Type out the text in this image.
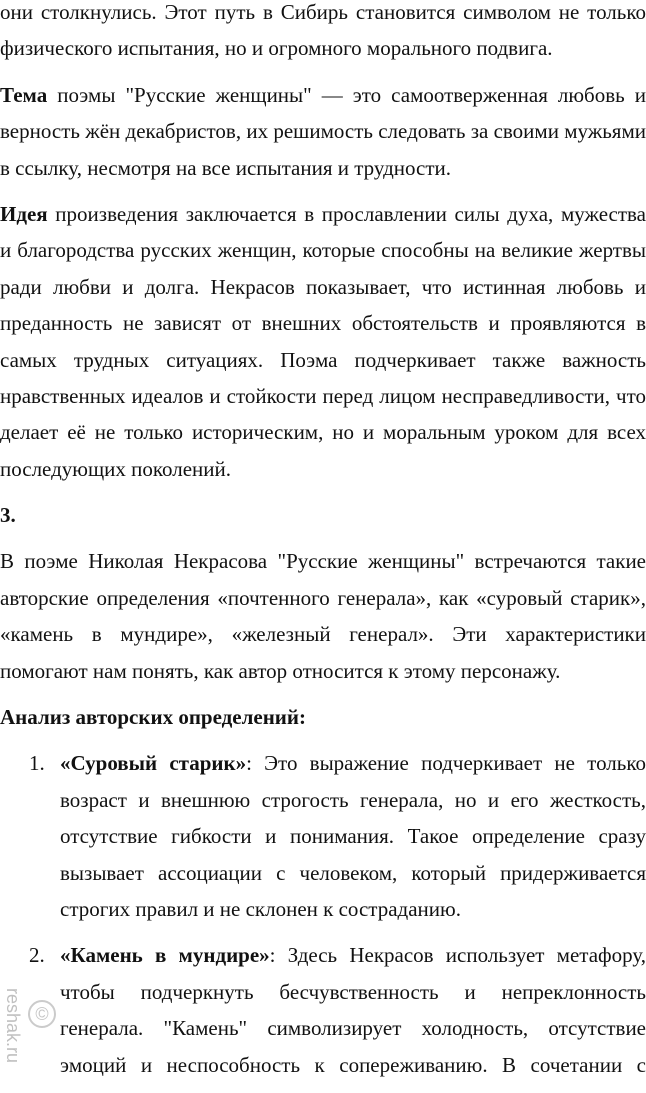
они столкнулись. Этот путь в Сибирь становится символом не только
физического испытания, но и огромного морального подвига.
Тема поэмы "Русские женщины" — это самоотверженная любовь и
верность жён декабристов, их решимость следовать за своими мужьями
в ссылку, несмотря на все испытания и трудности.
Идея произведения заключается в прославлении силы духа, мужества
и благородства русских женщин, которые способны на великие жертвы
ради любви и долга. Некрасов показывает, что истинная любовь и
преданность не зависят от внешних обстоятельств и проявляются в
самых трудных ситуациях. Поэма подчеркивает также важность
нравственных идеалов и стойкости перед лицом несправедливости, что
делает её не только историческим, но и моральным уроком для всех
последующих поколений.
3.
В поэме Николая Некрасова "Русские женщины" встречаются такие
авторские определения «почтенного генерала», как «суровый старик»,
«камень в мундире», «железный генерал». Эти характеристики
помогают нам понять, как автор относится к этому персонажу.
Анализ авторских определений:
1. «Суровый старик»: Это выражение подчеркивает не только
возраст и внешнюю строгость генерала, но и его жесткость,
отсутствие гибкости и понимания. Такое определение сразу
вызывает ассоциации с человеком, который придерживается
строгих правил и не склонен к состраданию.
2. «Камень в мундире»: Здесь Некрасов использует метафору,
чтобы подчеркнуть бесчувственность и непреклонность
генерала. "Камень" символизирует холодность, отсутствие
эмоций и неспособность к сопереживанию. В сочетании с
reshak.ru ©
